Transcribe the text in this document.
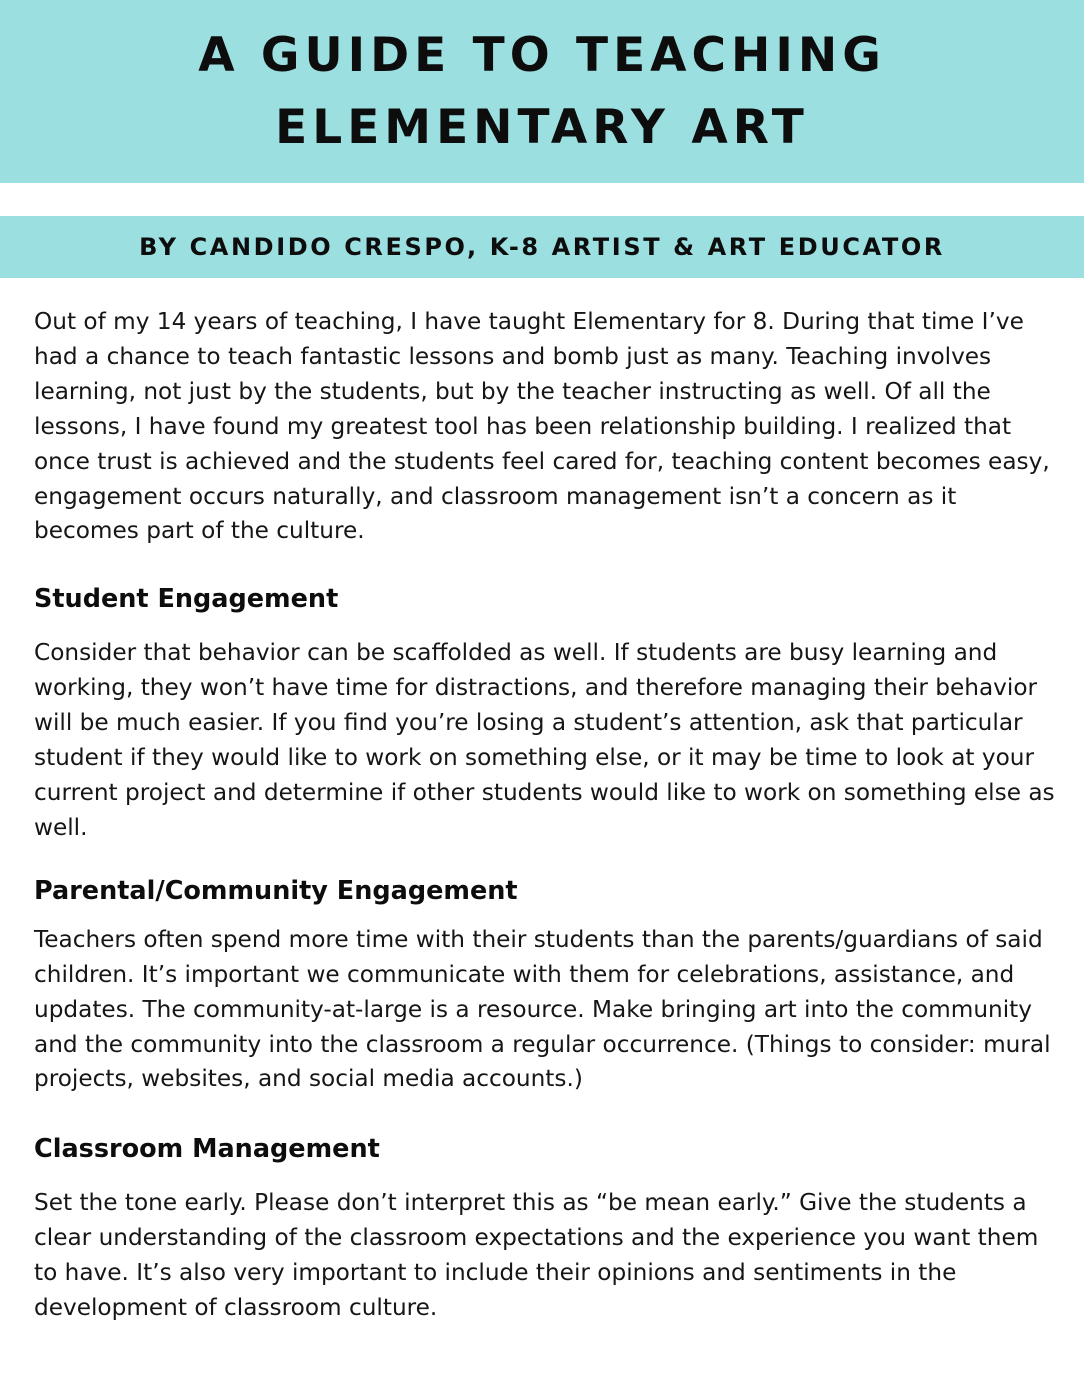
A GUIDE TO TEACHING
ELEMENTARY ART
BY CANDIDO CRESPO, K-8 ARTIST & ART EDUCATOR

Out of my 14 years of teaching, I have taught Elementary for 8. During that time I’ve had a chance to teach fantastic lessons and bomb just as many. Teaching involves learning, not just by the students, but by the teacher instructing as well. Of all the lessons, I have found my greatest tool has been relationship building. I realized that once trust is achieved and the students feel cared for, teaching content becomes easy, engagement occurs naturally, and classroom management isn’t a concern as it becomes part of the culture.

Student Engagement

Consider that behavior can be scaffolded as well. If students are busy learning and working, they won’t have time for distractions, and therefore managing their behavior will be much easier. If you find you’re losing a student’s attention, ask that particular student if they would like to work on something else, or it may be time to look at your current project and determine if other students would like to work on something else as well.

Parental/Community Engagement

Teachers often spend more time with their students than the parents/guardians of said children. It’s important we communicate with them for celebrations, assistance, and updates. The community-at-large is a resource. Make bringing art into the community and the community into the classroom a regular occurrence. (Things to consider: mural projects, websites, and social media accounts.)

Classroom Management

Set the tone early. Please don’t interpret this as “be mean early.” Give the students a clear understanding of the classroom expectations and the experience you want them to have. It’s also very important to include their opinions and sentiments in the development of classroom culture.
